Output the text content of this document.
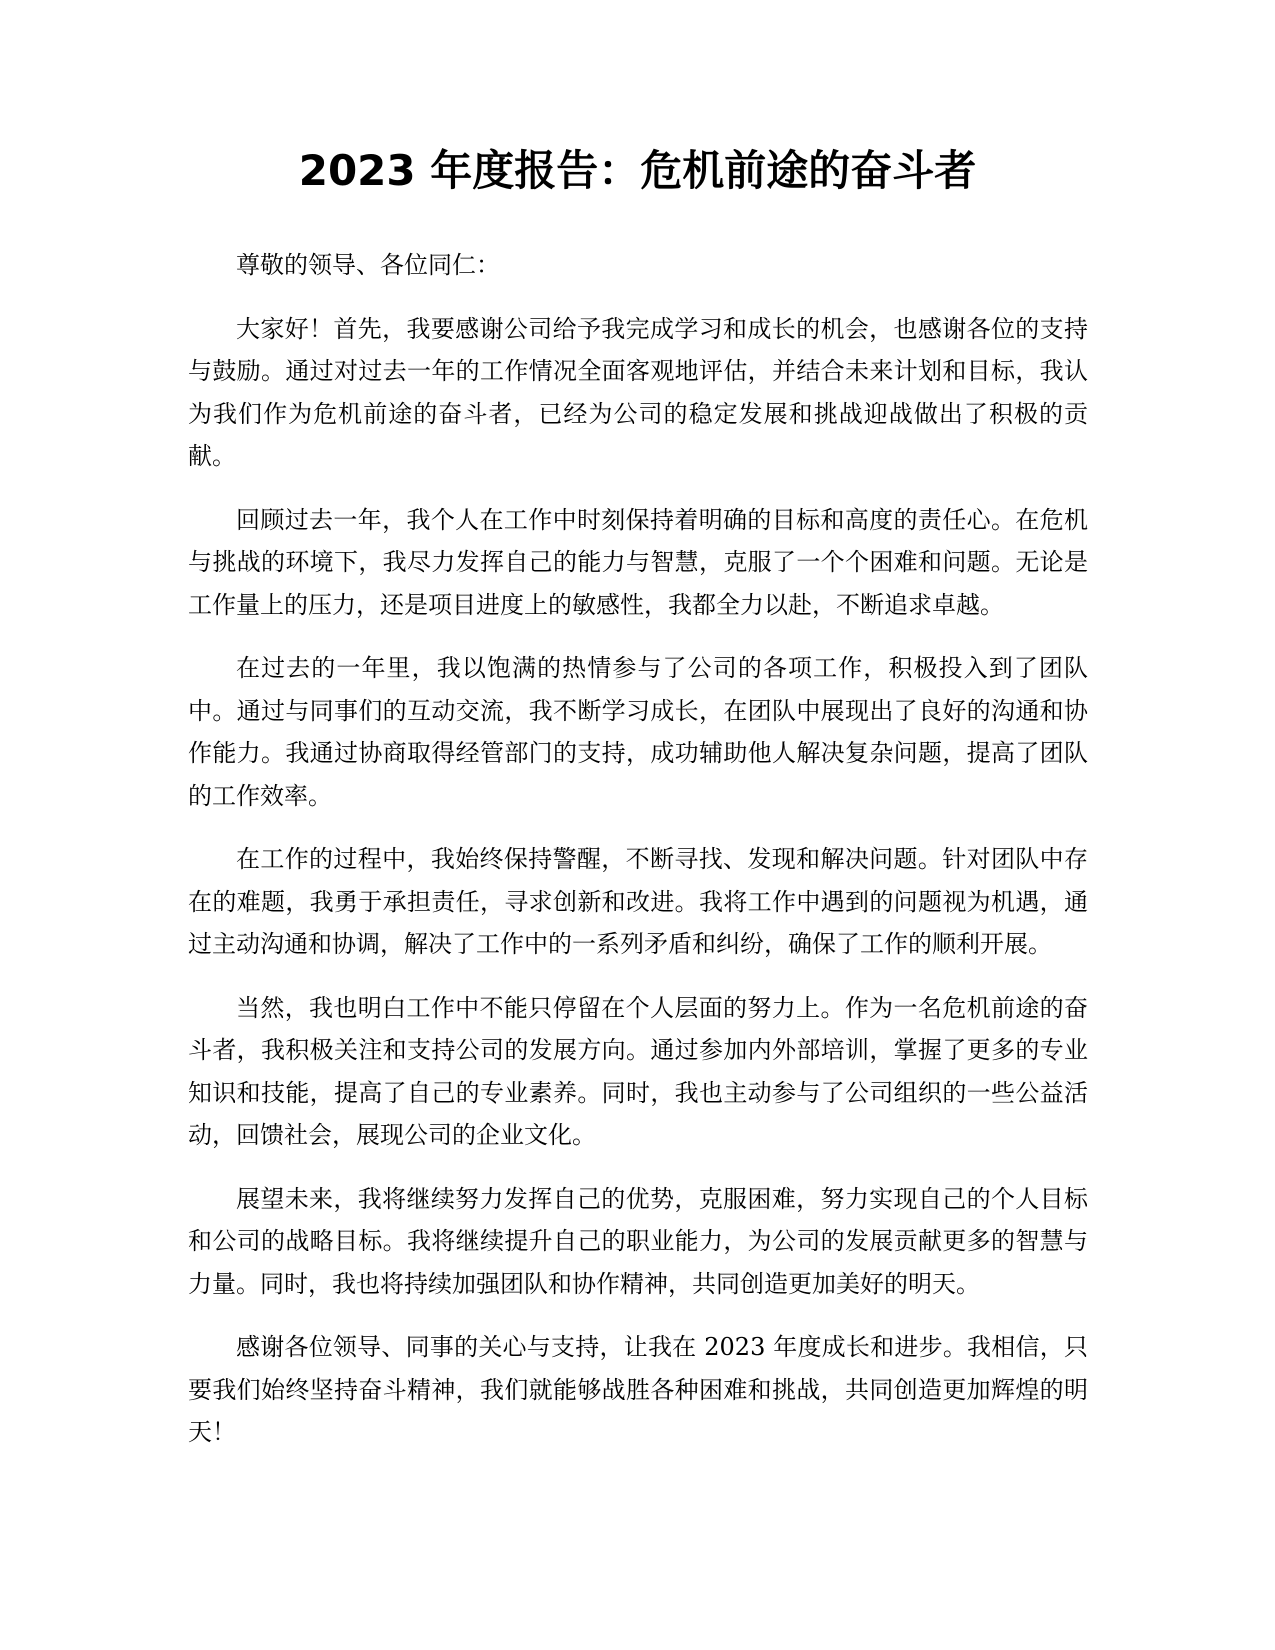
2023 年度报告：危机前途的奋斗者

尊敬的领导、各位同仁：

大家好！首先，我要感谢公司给予我完成学习和成长的机会，也感谢各位的支持与鼓励。通过对过去一年的工作情况全面客观地评估，并结合未来计划和目标，我认为我们作为危机前途的奋斗者，已经为公司的稳定发展和挑战迎战做出了积极的贡献。

回顾过去一年，我个人在工作中时刻保持着明确的目标和高度的责任心。在危机与挑战的环境下，我尽力发挥自己的能力与智慧，克服了一个个困难和问题。无论是工作量上的压力，还是项目进度上的敏感性，我都全力以赴，不断追求卓越。

在过去的一年里，我以饱满的热情参与了公司的各项工作，积极投入到了团队中。通过与同事们的互动交流，我不断学习成长，在团队中展现出了良好的沟通和协作能力。我通过协商取得经管部门的支持，成功辅助他人解决复杂问题，提高了团队的工作效率。

在工作的过程中，我始终保持警醒，不断寻找、发现和解决问题。针对团队中存在的难题，我勇于承担责任，寻求创新和改进。我将工作中遇到的问题视为机遇，通过主动沟通和协调，解决了工作中的一系列矛盾和纠纷，确保了工作的顺利开展。

当然，我也明白工作中不能只停留在个人层面的努力上。作为一名危机前途的奋斗者，我积极关注和支持公司的发展方向。通过参加内外部培训，掌握了更多的专业知识和技能，提高了自己的专业素养。同时，我也主动参与了公司组织的一些公益活动，回馈社会，展现公司的企业文化。

展望未来，我将继续努力发挥自己的优势，克服困难，努力实现自己的个人目标和公司的战略目标。我将继续提升自己的职业能力，为公司的发展贡献更多的智慧与力量。同时，我也将持续加强团队和协作精神，共同创造更加美好的明天。

感谢各位领导、同事的关心与支持，让我在 2023 年度成长和进步。我相信，只要我们始终坚持奋斗精神，我们就能够战胜各种困难和挑战，共同创造更加辉煌的明天！
